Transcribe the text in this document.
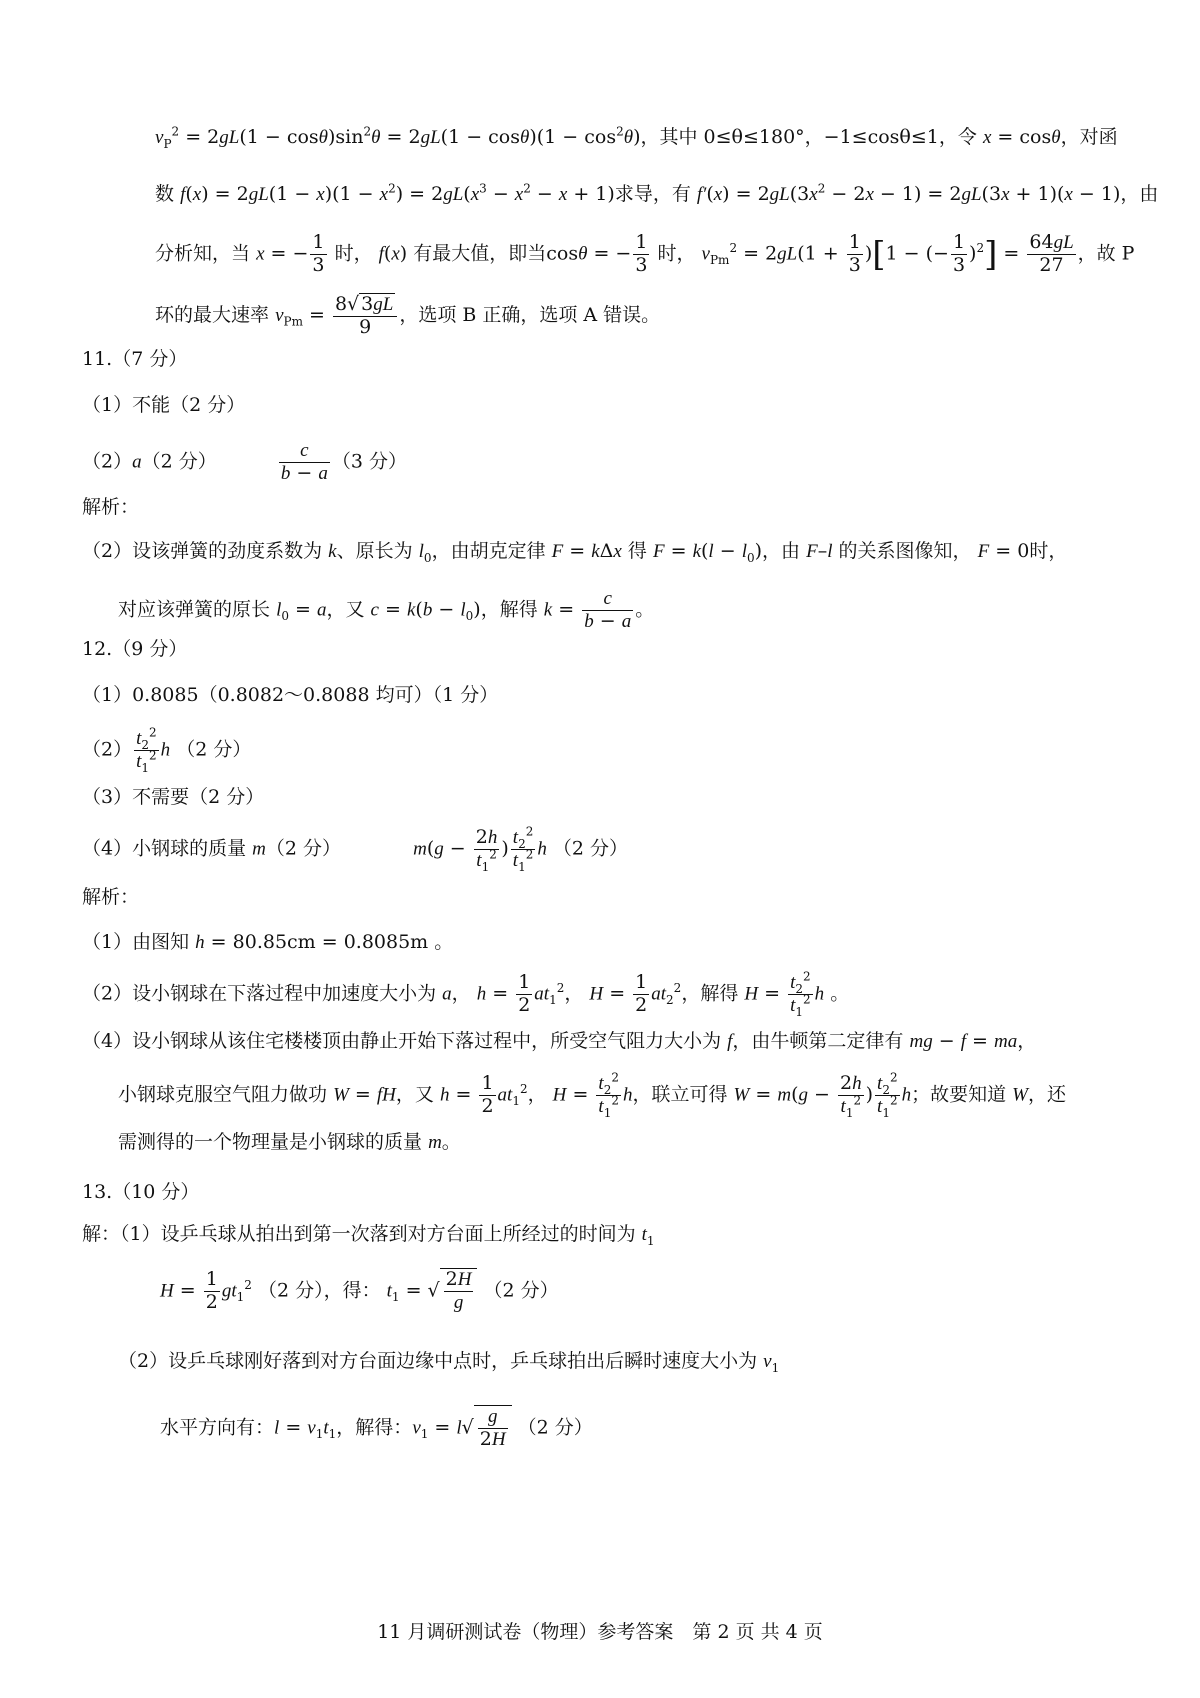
$v_P^2 = 2gL(1 - \cos\theta)\sin^2\theta = 2gL(1 - \cos\theta)(1 - \cos^2\theta)$，其中 0≤θ≤180°，−1≤cosθ≤1，令 x = cosθ，对函
数 $f(x) = 2gL(1 - x)(1 - x^2) = 2gL(x^3 - x^2 - x + 1)$求导，有 $f'(x) = 2gL(3x^2 - 2x - 1) = 2gL(3x + 1)(x - 1)$，由
分析知，当 x = − $\frac{1}{3}$ 时， f(x) 有最大值，即当cosθ = − $\frac{1}{3}$ 时， $v_{Pm}^2 = 2gL(1 + \frac{1}{3} )[1$ − (− $\frac{1}{3} )^2] = \frac{64gL}{27}$ ，故 P
环的最大速率 $v_{Pm} = \frac{8√ 3gL}{9}$ ，选项 B 正确，选项 A 错误。
11.（7 分）
（1）不能（2 分）
（2）a（2 分）	$\frac{c}{b - a} (3$ 分）
解析：
（2）设该弹簧的劲度系数为 k、原长为 $l_0$，由胡克定律 F = kΔx 得 $F = k(l - l_0)$，由 F–l 的关系图像知， F = 0时，
对应该弹簧的原长 $l_0 = a$，又 $c = k(b - l_0)$，解得 $k = \frac{c}{b - a}$ 。
12.（9 分）
（1）0.8085（0.8082～0.8088 均可）（1 分）
$(2) \frac{t_2^2}{t_1^2}$ h （2 分）
（3）不需要（2 分）
（4）小钢球的质量 m（2 分）	$m(g - \frac{2h}{t_1^2}$ ) $\frac{t_2^2}{t_1^2}$ h （2 分）
解析：
（1）由图知 h = 80.85cm = 0.8085m 。
（2）设小钢球在下落过程中加速度大小为 a， $h = \frac{1}{2} at_1^2$， $H = \frac{1}{2} at_2^2$，解得 $H = \frac{t_2^2}{t_1^2}$ h 。
（4）设小钢球从该住宅楼楼顶由静止开始下落过程中，所受空气阻力大小为 f，由牛顿第二定律有 mg − f = ma，
小钢球克服空气阻力做功 W = fH，又 $h = \frac{1}{2} at_1^2$， $H = \frac{t_2^2}{t_1^2}$ h，联立可得 $W = m(g - \frac{2h}{t_1^2}$ ) $\frac{t_2^2}{t_1^2}$ h；故要知道 W，还
需测得的一个物理量是小钢球的质量 m。
13.（10 分）
解：（1）设乒乓球从拍出到第一次落到对方台面上所经过的时间为 $t_1$
$H = \frac{1}{2} gt_1^2$ （2 分），得： $t_1$ = √ $\frac{2H}{g} (2$ 分）
（2）设乒乓球刚好落到对方台面边缘中点时，乒乓球拍出后瞬时速度大小为 $v_1$
水平方向有：$l = v_1t_1$，解得：$v_1 = l√ \frac{g}{2H} (2$ 分）
11 月调研测试卷（物理）参考答案　第 2 页 共 4 页
